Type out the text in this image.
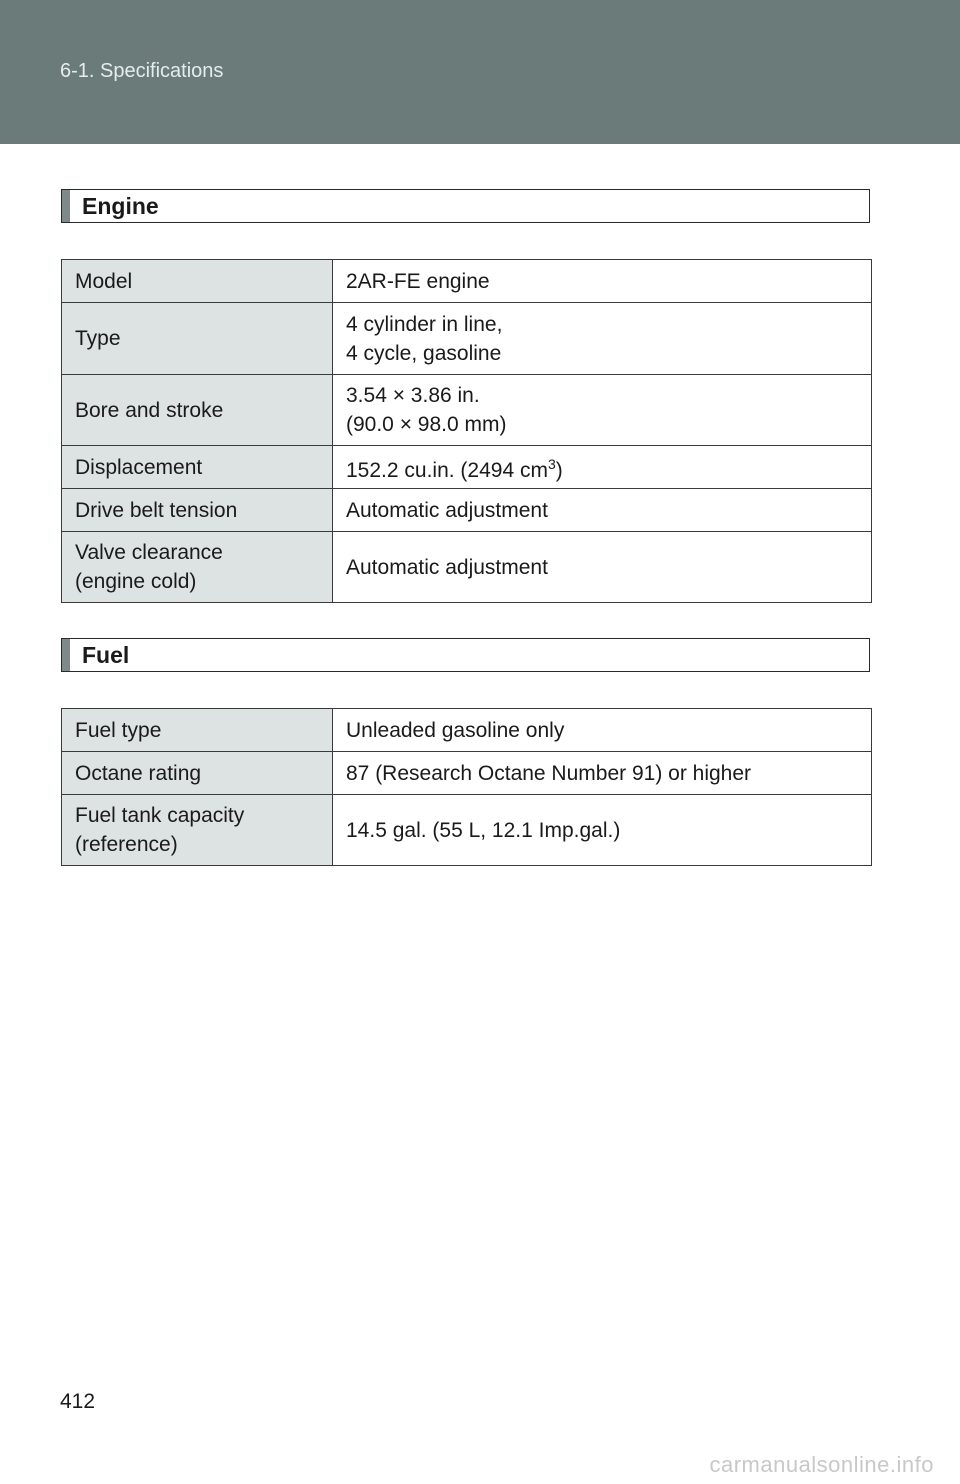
6-1. Specifications
Engine
Model	2AR-FE engine
Type	4 cylinder in line,
4 cycle, gasoline

Bore and stroke	3.54 × 3.86 in.
(90.0 × 98.0 mm)

Displacement	152.2 cu.in. (2494 $cm^3$)
Drive belt tension	Automatic adjustment

Valve clearance
(engine cold)	Automatic adjustment
Fuel
Fuel type	Unleaded gasoline only
Octane rating	87 (Research Octane Number 91) or higher

Fuel tank capacity
(reference)	14.5 gal. (55 L, 12.1 Imp.gal.)
412
carmanualsonline.info
